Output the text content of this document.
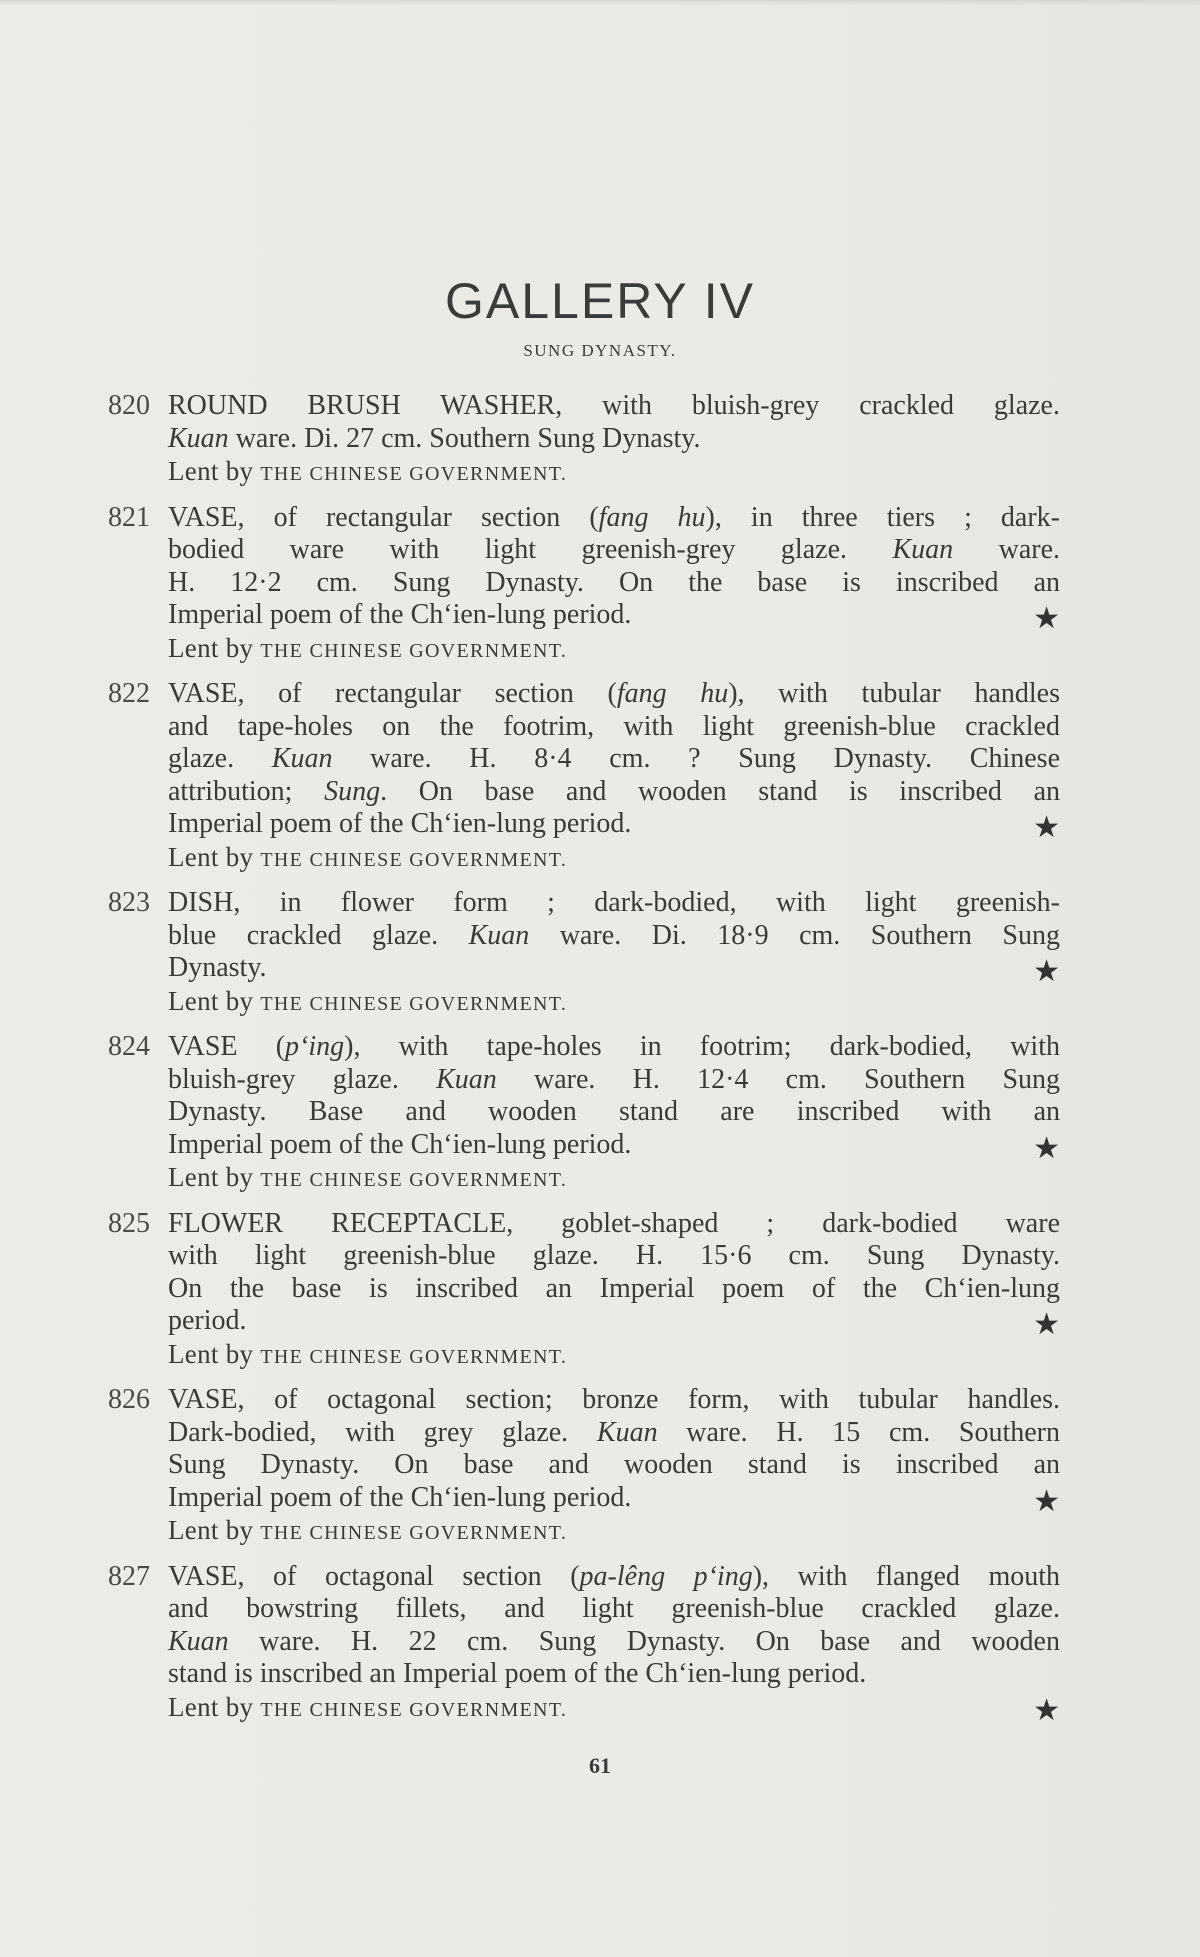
GALLERY IV
SUNG DYNASTY.
820 ROUND BRUSH WASHER, with bluish-grey crackled glaze.
Kuan ware. Di. 27 cm. Southern Sung Dynasty.
Lent by THE CHINESE GOVERNMENT.
821
★
VASE, of rectangular section (fang hu), in three tiers ; dark-
bodied ware with light greenish-grey glaze. Kuan ware.
H. 12·2 cm. Sung Dynasty. On the base is inscribed an
Imperial poem of the Ch‘ien-lung period.
Lent by THE CHINESE GOVERNMENT.
822
★
VASE, of rectangular section (fang hu), with tubular handles
and tape-holes on the footrim, with light greenish-blue crackled
glaze. Kuan ware. H. 8·4 cm. ? Sung Dynasty. Chinese
attribution; Sung. On base and wooden stand is inscribed an
Imperial poem of the Ch‘ien-lung period.
Lent by THE CHINESE GOVERNMENT.
823
★
DISH, in flower form ; dark-bodied, with light greenish-
blue crackled glaze. Kuan ware. Di. 18·9 cm. Southern Sung
Dynasty.
Lent by THE CHINESE GOVERNMENT.
824
★
VASE (p‘ing), with tape-holes in footrim; dark-bodied, with
bluish-grey glaze. Kuan ware. H. 12·4 cm. Southern Sung
Dynasty. Base and wooden stand are inscribed with an
Imperial poem of the Ch‘ien-lung period.
Lent by THE CHINESE GOVERNMENT.
825
★
FLOWER RECEPTACLE, goblet-shaped ; dark-bodied ware
with light greenish-blue glaze. H. 15·6 cm. Sung Dynasty.
On the base is inscribed an Imperial poem of the Ch‘ien-lung
period.
Lent by THE CHINESE GOVERNMENT.
826
★
VASE, of octagonal section; bronze form, with tubular handles.
Dark-bodied, with grey glaze. Kuan ware. H. 15 cm. Southern
Sung Dynasty. On base and wooden stand is inscribed an
Imperial poem of the Ch‘ien-lung period.
Lent by THE CHINESE GOVERNMENT.
827
★
VASE, of octagonal section (pa-lêng p‘ing), with flanged mouth
and bowstring fillets, and light greenish-blue crackled glaze.
Kuan ware. H. 22 cm. Sung Dynasty. On base and wooden
stand is inscribed an Imperial poem of the Ch‘ien-lung period.
Lent by THE CHINESE GOVERNMENT.
61
